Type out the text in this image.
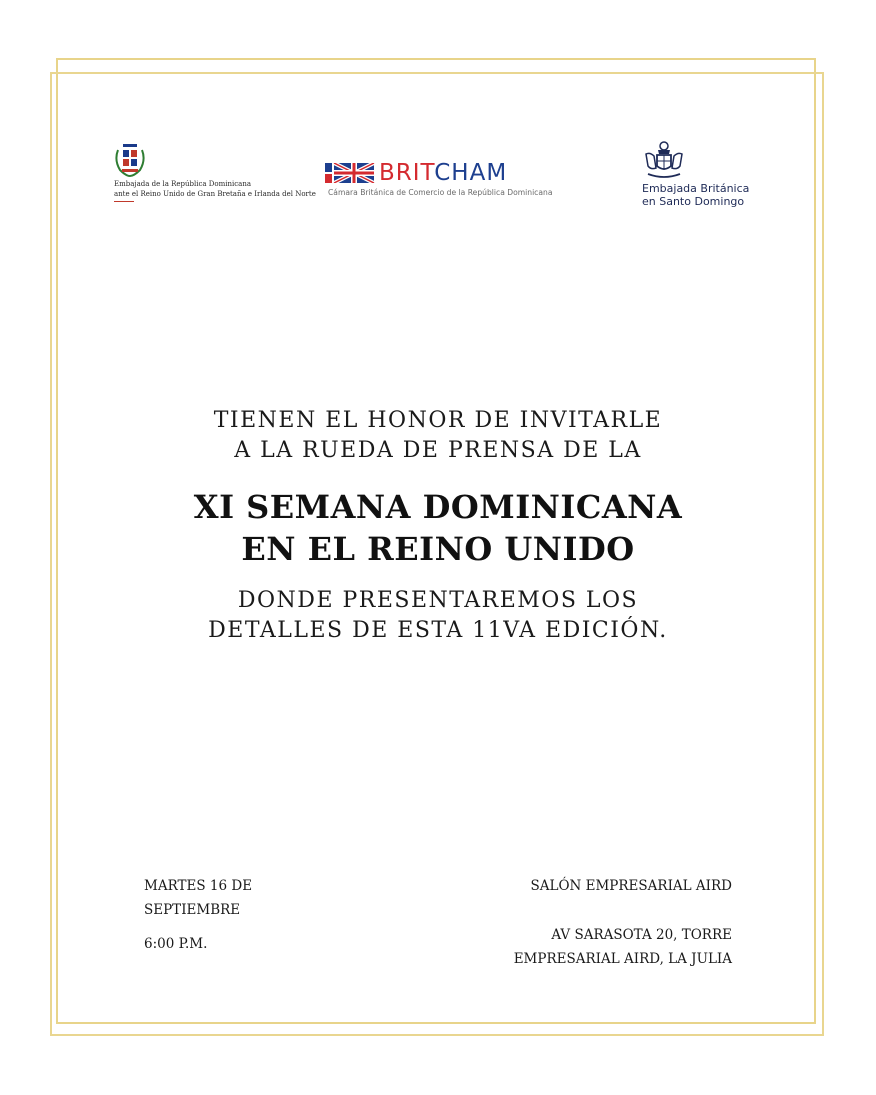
Embajada de la República Dominicana
ante el Reino Unido de Gran Bretaña e Irlanda del Norte
BRITCHAM
Cámara Británica de Comercio de la República Dominicana	Embajada Británica
en Santo Domingo
TIENEN EL HONOR DE INVITARLE
A LA RUEDA DE PRENSA DE LA
XI SEMANA DOMINICANA
EN EL REINO UNIDO
DONDE PRESENTAREMOS LOS
DETALLES DE ESTA 11VA EDICIÓN.
MARTES 16 DE
SEPTIEMBRE
6:00 P.M.
SALÓN EMPRESARIAL AIRD
AV SARASOTA 20, TORRE
EMPRESARIAL AIRD, LA JULIA
